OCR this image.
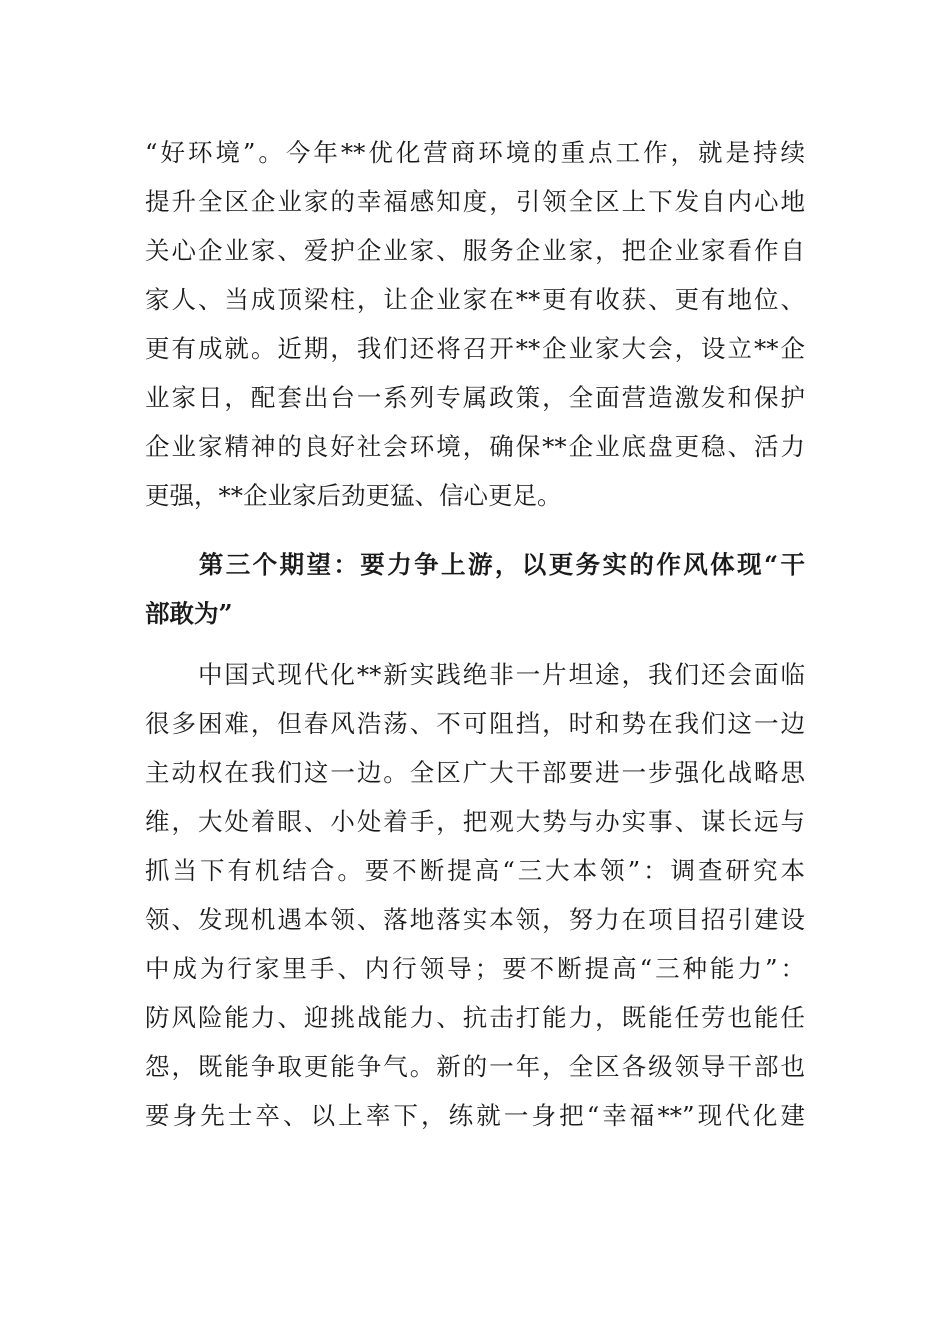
“好环境”。今年**优化营商环境的重点工作，就是持续
提升全区企业家的幸福感知度，引领全区上下发自内心地
关心企业家、爱护企业家、服务企业家，把企业家看作自
家人、当成顶梁柱，让企业家在**更有收获、更有地位、
更有成就。近期，我们还将召开**企业家大会，设立**企
业家日，配套出台一系列专属政策，全面营造激发和保护
企业家精神的良好社会环境，确保**企业底盘更稳、活力
更强，**企业家后劲更猛、信心更足。
　　第三个期望：要力争上游，以更务实的作风体现“干
部敢为”
　　中国式现代化**新实践绝非一片坦途，我们还会面临
很多困难，但春风浩荡、不可阻挡，时和势在我们这一边
主动权在我们这一边。全区广大干部要进一步强化战略思
维，大处着眼、小处着手，把观大势与办实事、谋长远与
抓当下有机结合。要不断提高“三大本领”：调查研究本
领、发现机遇本领、落地落实本领，努力在项目招引建设
中成为行家里手、内行领导；要不断提高“三种能力”：
防风险能力、迎挑战能力、抗击打能力，既能任劳也能任
怨，既能争取更能争气。新的一年，全区各级领导干部也
要身先士卒、以上率下，练就一身把“幸福**”现代化建
